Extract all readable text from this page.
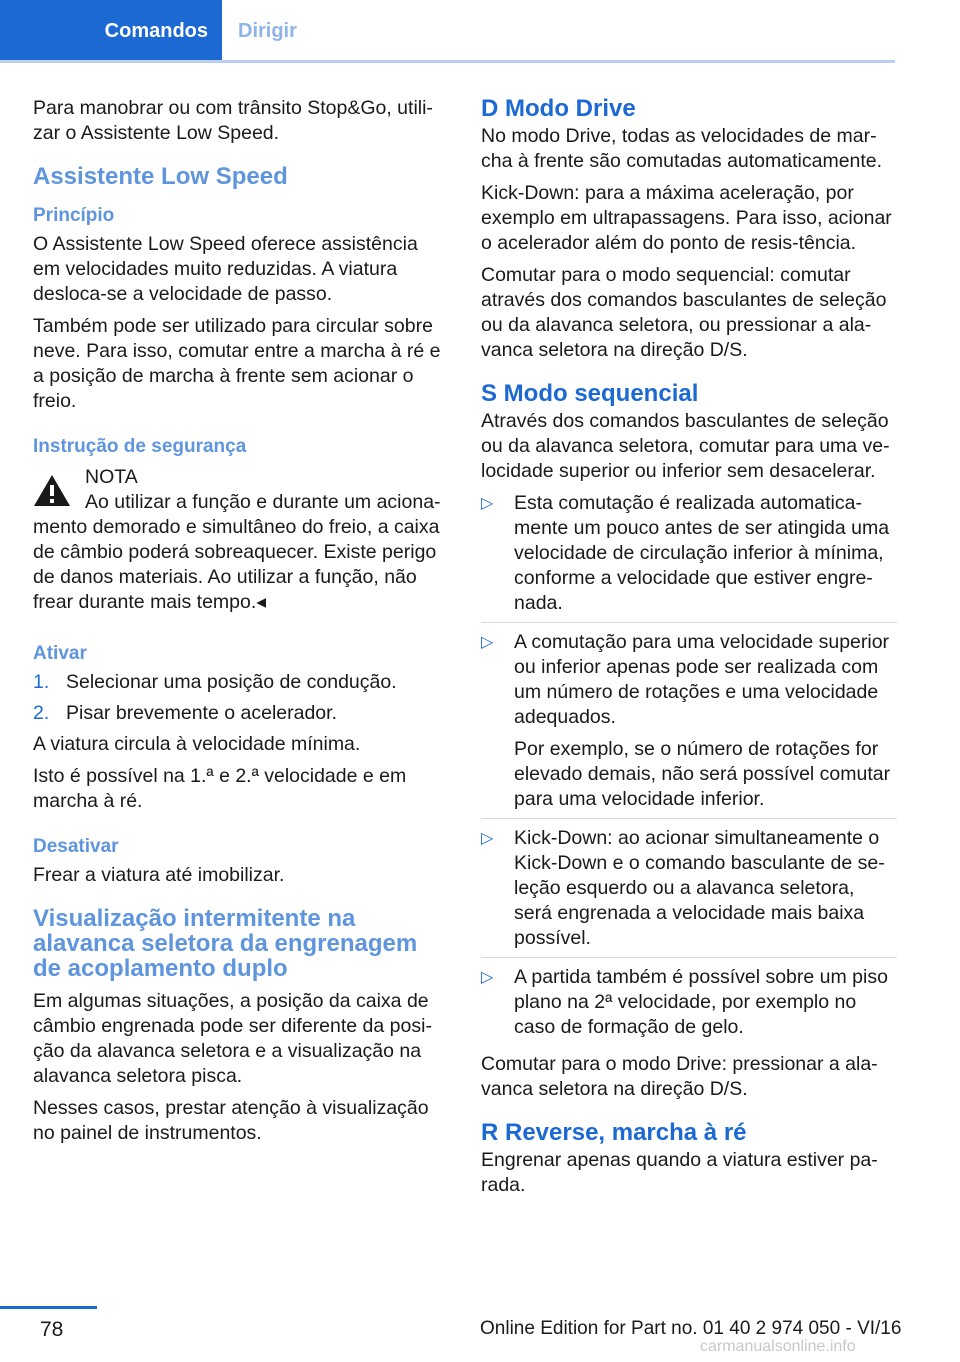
Comandos	Dirigir

Para manobrar ou com trânsito Stop&Go, utili‐zar o Assistente Low Speed.

Assistente Low Speed
Princípio

O Assistente Low Speed oferece assistência em velocidades muito reduzidas. A viatura desloca-se a velocidade de passo.

Também pode ser utilizado para circular sobre neve. Para isso, comutar entre a marcha à ré e a posição de marcha à frente sem acionar o freio.

Instrução de segurança
NOTA
Ao utilizar a função e durante um aciona‐
mento demorado e simultâneo do freio, a caixa de câmbio poderá sobreaquecer. Existe perigo de danos materiais. Ao utilizar a função, não frear durante mais tempo.◂
Ativar
1. Selecionar uma posição de condução.
2. Pisar brevemente o acelerador.

A viatura circula à velocidade mínima.

Isto é possível na 1.ª e 2.ª velocidade e em marcha à ré.

Desativar

Frear a viatura até imobilizar.

Visualização intermitente na alavanca seletora da engrenagem de acoplamento duplo

Em algumas situações, a posição da caixa de câmbio engrenada pode ser diferente da posi‐ção da alavanca seletora e a visualização na alavanca seletora pisca.

Nesses casos, prestar atenção à visualização no painel de instrumentos.

D Modo Drive

No modo Drive, todas as velocidades de mar‐cha à frente são comutadas automaticamente.

Kick-Down: para a máxima aceleração, por exemplo em ultrapassagens. Para isso, acionar o acelerador além do ponto de resis‐tência.

Comutar para o modo sequencial: comutar através dos comandos basculantes de seleção ou da alavanca seletora, ou pressionar a ala‐vanca seletora na direção D/S.

S Modo sequencial

Através dos comandos basculantes de seleção ou da alavanca seletora, comutar para uma ve‐locidade superior ou inferior sem desacelerar.

▷ Esta comutação é realizada automatica‐mente um pouco antes de ser atingida uma velocidade de circulação inferior à mínima, conforme a velocidade que estiver engre‐nada.
▷ A comutação para uma velocidade superior ou inferior apenas pode ser realizada com um número de rotações e uma velocidade adequados.
Por exemplo, se o número de rotações for elevado demais, não será possível comutar para uma velocidade inferior.
▷ Kick-Down: ao acionar simultaneamente o Kick-Down e o comando basculante de se‐leção esquerdo ou a alavanca seletora, será engrenada a velocidade mais baixa possível.
▷ A partida também é possível sobre um piso plano na 2ª velocidade, por exemplo no caso de formação de gelo.

Comutar para o modo Drive: pressionar a ala‐vanca seletora na direção D/S.

R Reverse, marcha à ré

Engrenar apenas quando a viatura estiver pa‐rada.

78	Online Edition for Part no. 01 40 2 974 050 - VI/16
carmanualsonline.info
